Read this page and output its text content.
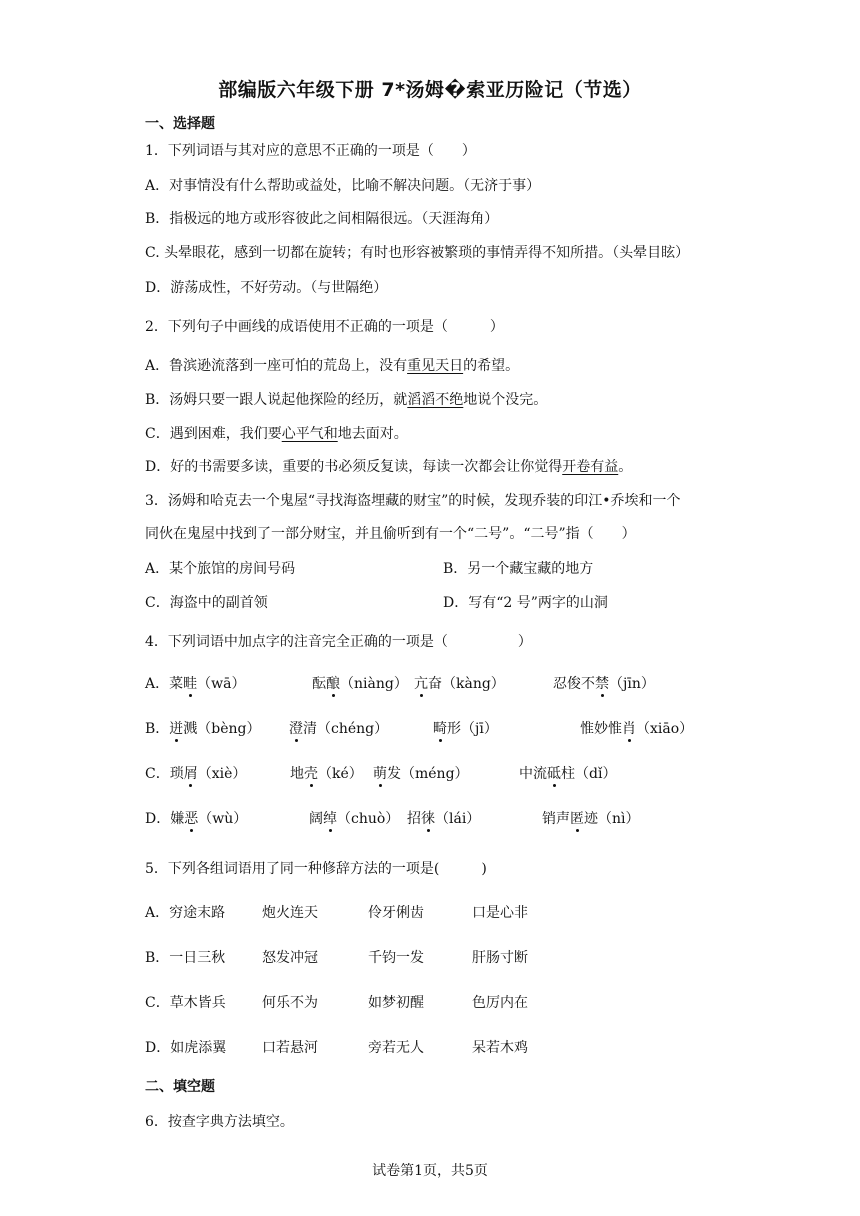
部编版六年级下册 7*汤姆�索亚历险记（节选）
一、选择题
1．下列词语与其对应的意思不正确的一项是（　　）
A．对事情没有什么帮助或益处，比喻不解决问题。（无济于事）
B．指极远的地方或形容彼此之间相隔很远。（天涯海角）
C. 头晕眼花，感到一切都在旋转；有时也形容被繁琐的事情弄得不知所措。（头晕目眩）
D．游荡成性，不好劳动。（与世隔绝）
2．下列句子中画线的成语使用不正确的一项是（　　　）
A．鲁滨逊流落到一座可怕的荒岛上，没有重见天日的希望。
B．汤姆只要一跟人说起他探险的经历，就滔滔不绝地说个没完。
C．遇到困难，我们要心平气和地去面对。
D．好的书需要多读，重要的书必须反复读，每读一次都会让你觉得开卷有益。
3．汤姆和哈克去一个鬼屋“寻找海盗埋藏的财宝”的时候，发现乔装的印江•乔埃和一个
同伙在鬼屋中找到了一部分财宝，并且偷听到有一个“二号”。“二号”指（　　）
A．某个旅馆的房间号码	B．另一个藏宝藏的地方
C．海盗中的副首领	D．写有“2 号”两字的山洞
4．下列词语中加点字的注音完全正确的一项是（　　　　　）
A．菜畦（wā）	酝酿（niàng） 亢奋（kàng）	忍俊不禁（jīn）
B．迸溅（bèng） 澄清（chéng）	畸形（jī）	惟妙惟肖（xiāo）
C．琐屑（xiè）	地壳（ké） 萌发（méng）	中流砥柱（dǐ）
D．嫌恶（wù）	阔绰（chuò） 招徕（lái）	销声匿迹（nì）
5．下列各组词语用了同一种修辞方法的一项是(　　　)
A．穷途末路	炮火连天	伶牙俐齿	口是心非
B．一日三秋	怒发冲冠	千钧一发	肝肠寸断
C．草木皆兵	何乐不为	如梦初醒	色厉内在
D．如虎添翼	口若悬河	旁若无人	呆若木鸡
二、填空题
6．按查字典方法填空。
试卷第1页，共5页
